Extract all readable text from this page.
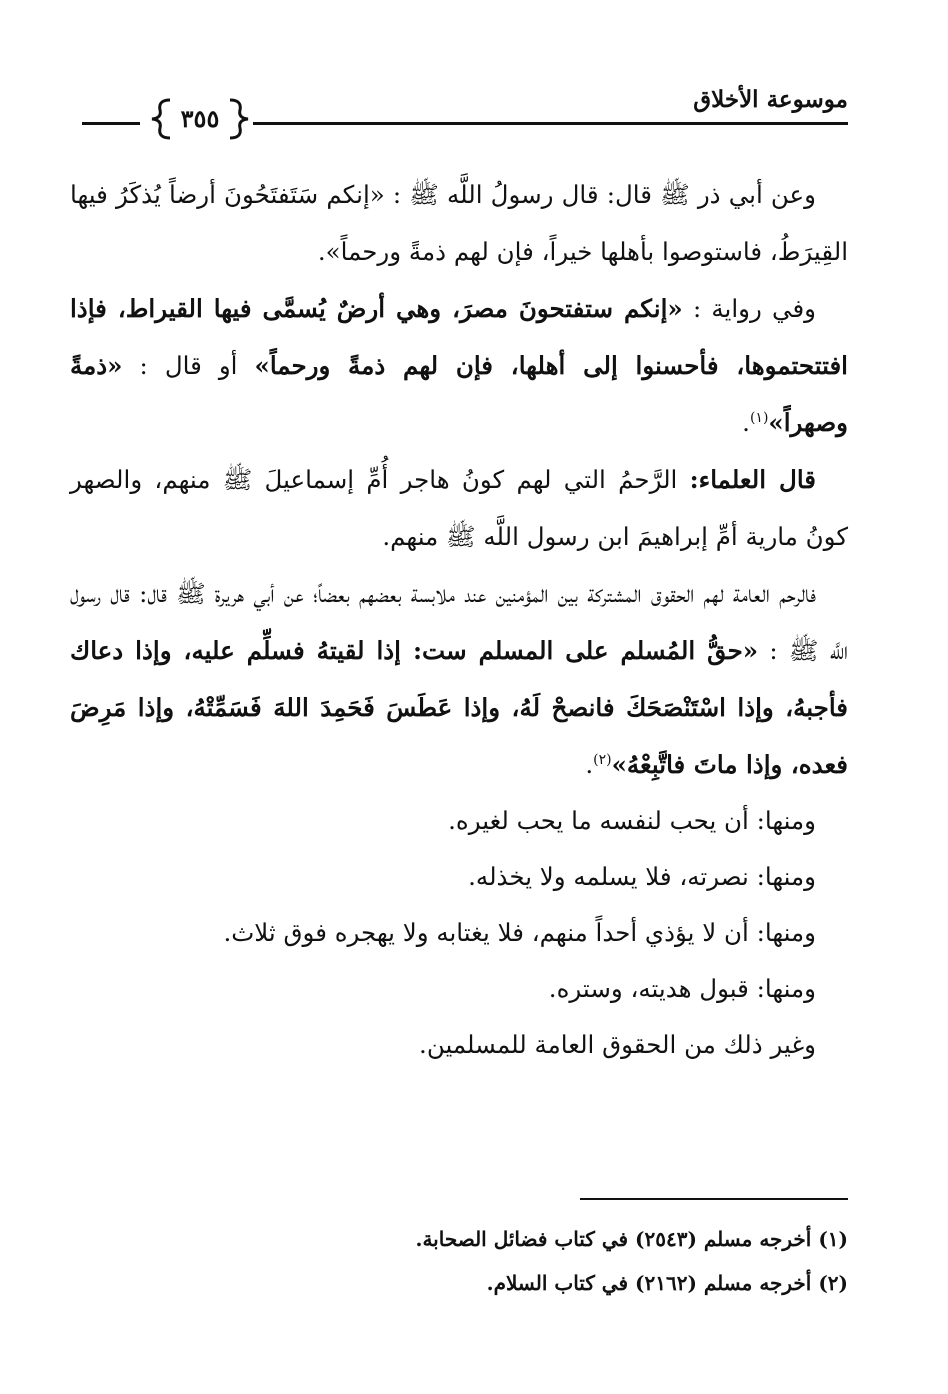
موسوعة الأخلاق
٣٥٥

وعن أبي ذر ﷺ قال: قال رسولُ اللَّه ﷺ : «إنكم سَتَفتَحُونَ أرضاً يُذكَرُ فيها القِيرَطُ، فاستوصوا بأهلها خيراً، فإن لهم ذمةً ورحماً».

وفي رواية : «إنكم ستفتحونَ مصرَ، وهي أرضٌ يُسمَّى فيها القيراط، فإذا افتتحتموها، فأحسنوا إلى أهلها، فإن لهم ذمةً ورحماً» أو قال : «ذمةً وصهراً»$^{(١)}$.

قال العلماء: الرَّحمُ التي لهم كونُ هاجر أُمِّ إسماعيلَ ﷺ منهم، والصهر كونُ مارية أمِّ إبراهيمَ ابن رسول اللَّه ﷺ منهم.

فالرحم العامة لهم الحقوق المشتركة بين المؤمنين عند ملابسة بعضهم بعضاً؛ عن أبي هريرة ﷺ قال: قال رسول اللَّه ﷺ : «حقُّ المُسلم على المسلم ست: إذا لقيتهُ فسلِّم عليه، وإذا دعاك فأجبهُ، وإذا اسْتَنْصَحَكَ فانصحْ لَهُ، وإذا عَطَسَ فَحَمِدَ اللهَ فَسَمِّتْهُ، وإذا مَرِضَ فعده، وإذا ماتَ فاتَّبِعْهُ»$^{(٢)}$.

ومنها: أن يحب لنفسه ما يحب لغيره.

ومنها: نصرته، فلا يسلمه ولا يخذله.

ومنها: أن لا يؤذي أحداً منهم، فلا يغتابه ولا يهجره فوق ثلاث.

ومنها: قبول هديته، وستره.

وغير ذلك من الحقوق العامة للمسلمين.

(١) أخرجه مسلم (٢٥٤٣) في كتاب فضائل الصحابة.

(٢) أخرجه مسلم (٢١٦٢) في كتاب السلام.
